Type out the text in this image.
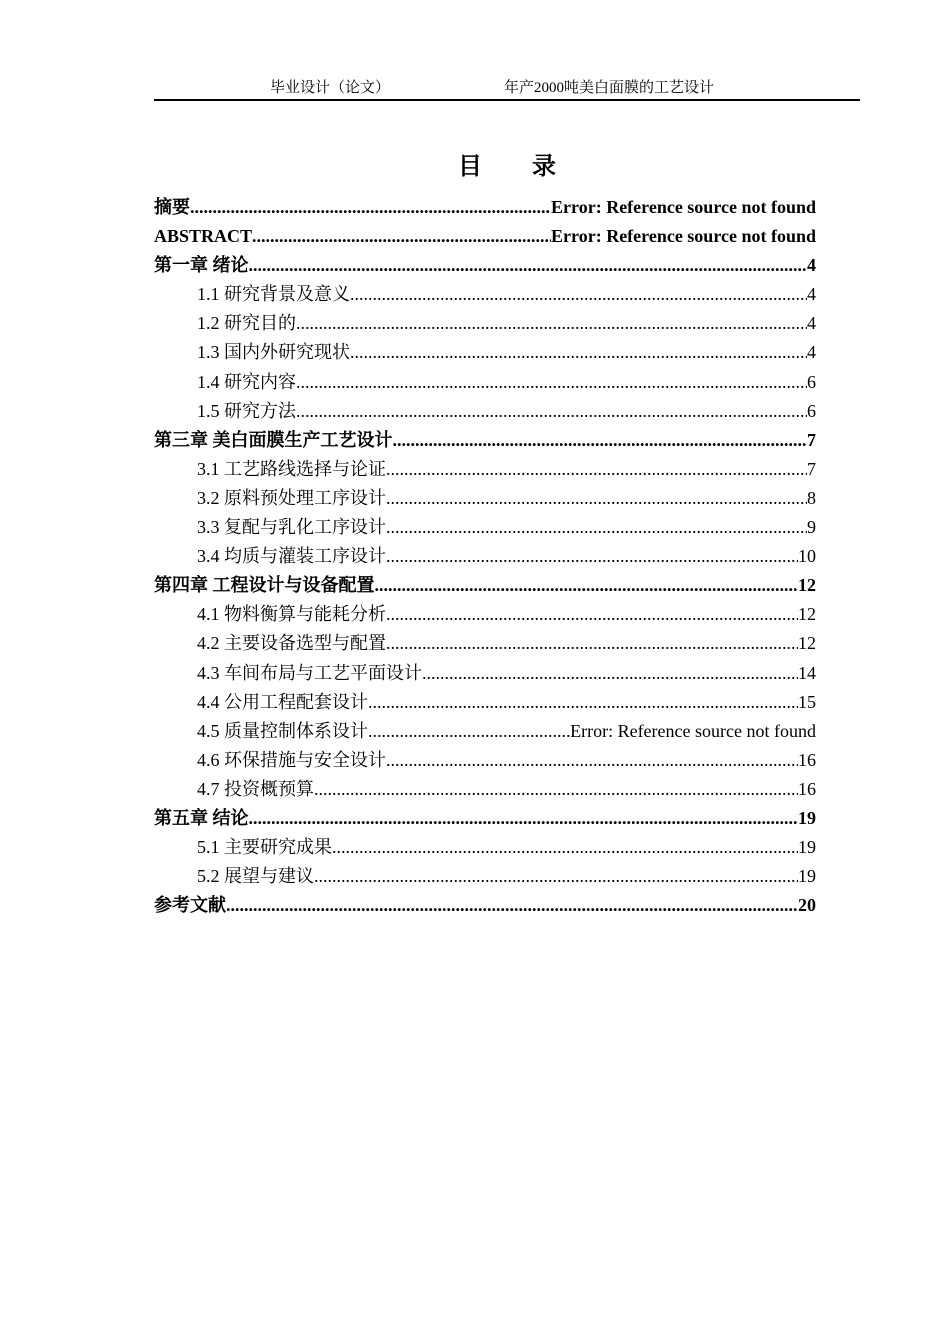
毕业设计（论文）	年产2000吨美白面膜的工艺设计
目 录
摘要 .....	Error: Reference source not found
ABSTRACT .....	Error: Reference source not found
第一章 绪论 .....	4
1.1 研究背景及意义 .....	4
1.2 研究目的 .....	4
1.3 国内外研究现状 .....	4
1.4 研究内容 .....	6
1.5 研究方法 .....	6
第三章 美白面膜生产工艺设计 .....	7
3.1 工艺路线选择与论证 .....	7
3.2 原料预处理工序设计 .....	8
3.3 复配与乳化工序设计 .....	9
3.4 均质与灌装工序设计 .....	10
第四章 工程设计与设备配置 .....	12
4.1 物料衡算与能耗分析 .....	12
4.2 主要设备选型与配置 .....	12
4.3 车间布局与工艺平面设计 .....	14
4.4 公用工程配套设计 .....	15
4.5 质量控制体系设计 .....	Error: Reference source not found
4.6 环保措施与安全设计 .....	16
4.7 投资概预算 .....	16
第五章 结论 .....	19
5.1 主要研究成果 .....	19
5.2 展望与建议 .....	19
参考文献 .....	20
